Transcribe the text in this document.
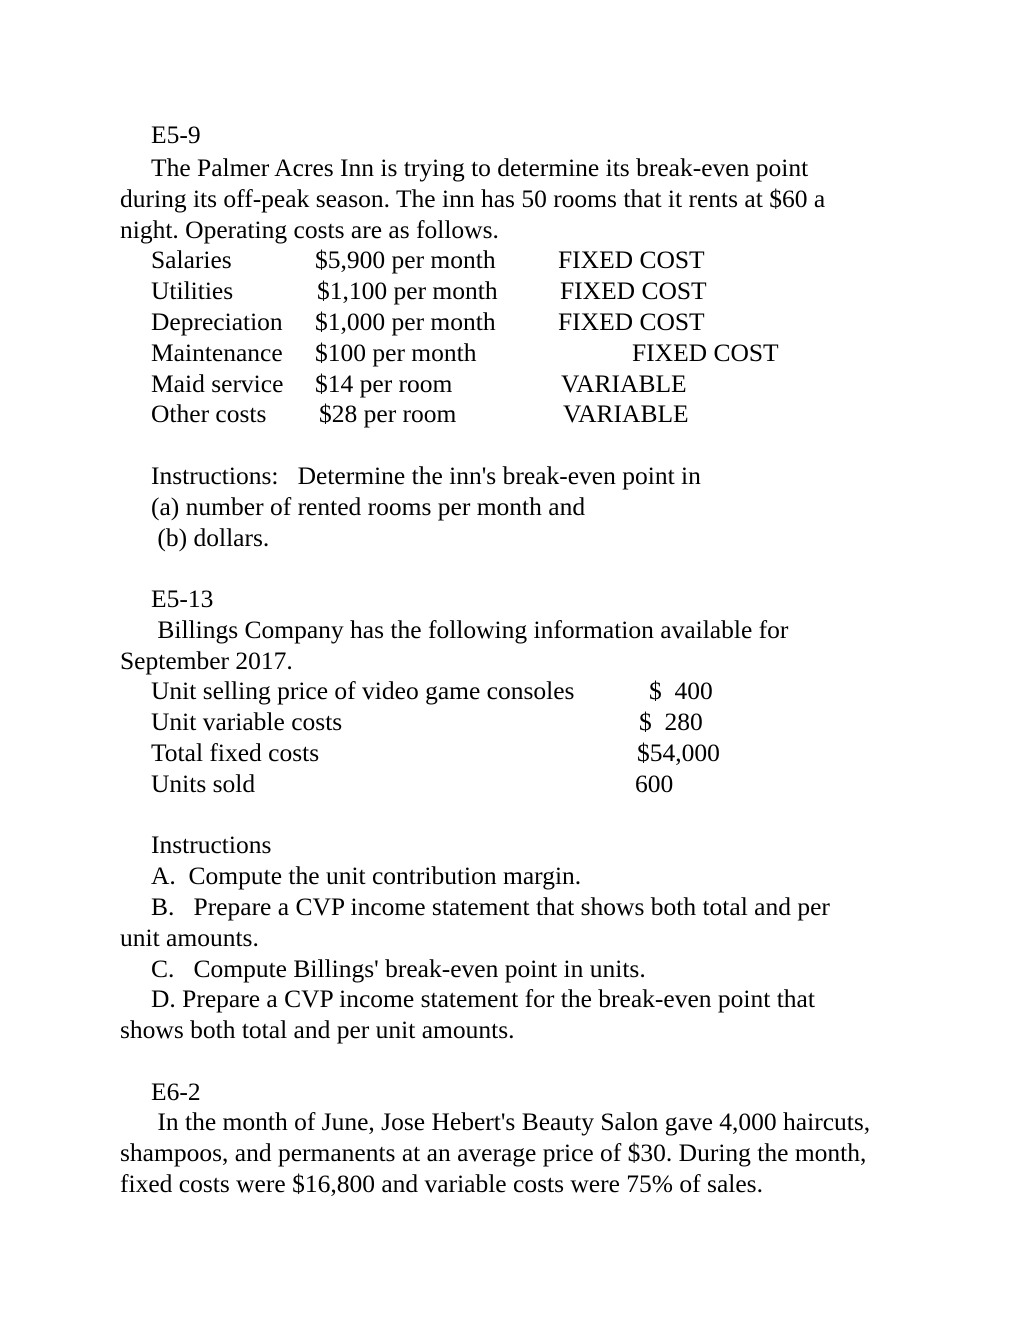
E5-9
The Palmer Acres Inn is trying to determine its break-even point
during its off-peak season. The inn has 50 rooms that it rents at $60 a
night. Operating costs are as follows.
Salaries	$5,900 per month FIXED COST
Utilities	$1,100 per month FIXED COST
Depreciation $1,000 per month FIXED COST
Maintenance $100 per month	FIXED COST
Maid service $14 per room	VARIABLE
Other costs $28 per room	VARIABLE
Instructions:   Determine the inn's break-even point in
(a) number of rented rooms per month and
(b) dollars.
E5-13
Billings Company has the following information available for
September 2017.
Unit selling price of video game consoles	$  400
Unit variable costs	$  280
Total fixed costs	$54,000
Units sold	600
Instructions
A.  Compute the unit contribution margin.
B.   Prepare a CVP income statement that shows both total and per
unit amounts.
C.   Compute Billings' break-even point in units.
D. Prepare a CVP income statement for the break-even point that
shows both total and per unit amounts.
E6-2
In the month of June, Jose Hebert's Beauty Salon gave 4,000 haircuts,
shampoos, and permanents at an average price of $30. During the month,
fixed costs were $16,800 and variable costs were 75% of sales.
